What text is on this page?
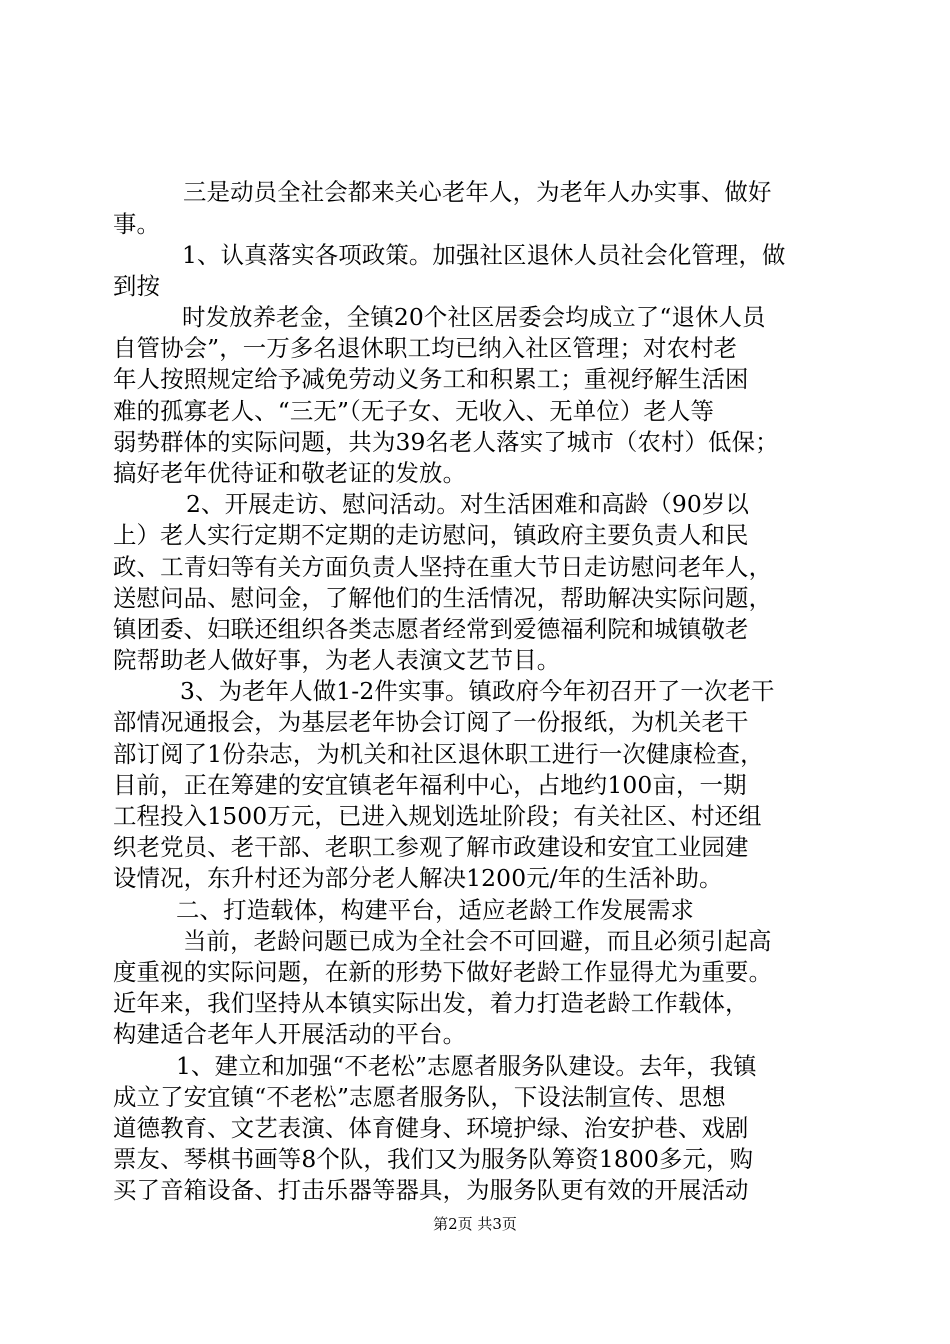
三是动员全社会都来关心老年人，为老年人办实事、做好

事。

1、认真落实各项政策。加强社区退休人员社会化管理，做

到按

时发放养老金，全镇20个社区居委会均成立了“退休人员

自管协会”，一万多名退休职工均已纳入社区管理；对农村老

年人按照规定给予减免劳动义务工和积累工；重视纾解生活困

难的孤寡老人、“三无”（无子女、无收入、无单位）老人等

弱势群体的实际问题，共为39名老人落实了城市（农村）低保；

搞好老年优待证和敬老证的发放。

2、开展走访、慰问活动。对生活困难和高龄（90岁以

上）老人实行定期不定期的走访慰问，镇政府主要负责人和民

政、工青妇等有关方面负责人坚持在重大节日走访慰问老年人，

送慰问品、慰问金，了解他们的生活情况，帮助解决实际问题，

镇团委、妇联还组织各类志愿者经常到爱德福利院和城镇敬老

院帮助老人做好事，为老人表演文艺节目。

3、为老年人做1-2件实事。镇政府今年初召开了一次老干

部情况通报会，为基层老年协会订阅了一份报纸，为机关老干

部订阅了1份杂志，为机关和社区退休职工进行一次健康检查，

目前，正在筹建的安宜镇老年福利中心，占地约100亩，一期

工程投入1500万元，已进入规划选址阶段；有关社区、村还组

织老党员、老干部、老职工参观了解市政建设和安宜工业园建

设情况，东升村还为部分老人解决1200元/年的生活补助。

二、打造载体，构建平台，适应老龄工作发展需求

当前，老龄问题已成为全社会不可回避，而且必须引起高

度重视的实际问题，在新的形势下做好老龄工作显得尤为重要。

近年来，我们坚持从本镇实际出发，着力打造老龄工作载体，

构建适合老年人开展活动的平台。

1、建立和加强“不老松”志愿者服务队建设。去年，我镇

成立了安宜镇“不老松”志愿者服务队，下设法制宣传、思想

道德教育、文艺表演、体育健身、环境护绿、治安护巷、戏剧

票友、琴棋书画等8个队，我们又为服务队筹资1800多元，购

买了音箱设备、打击乐器等器具，为服务队更有效的开展活动

第2页 共3页
